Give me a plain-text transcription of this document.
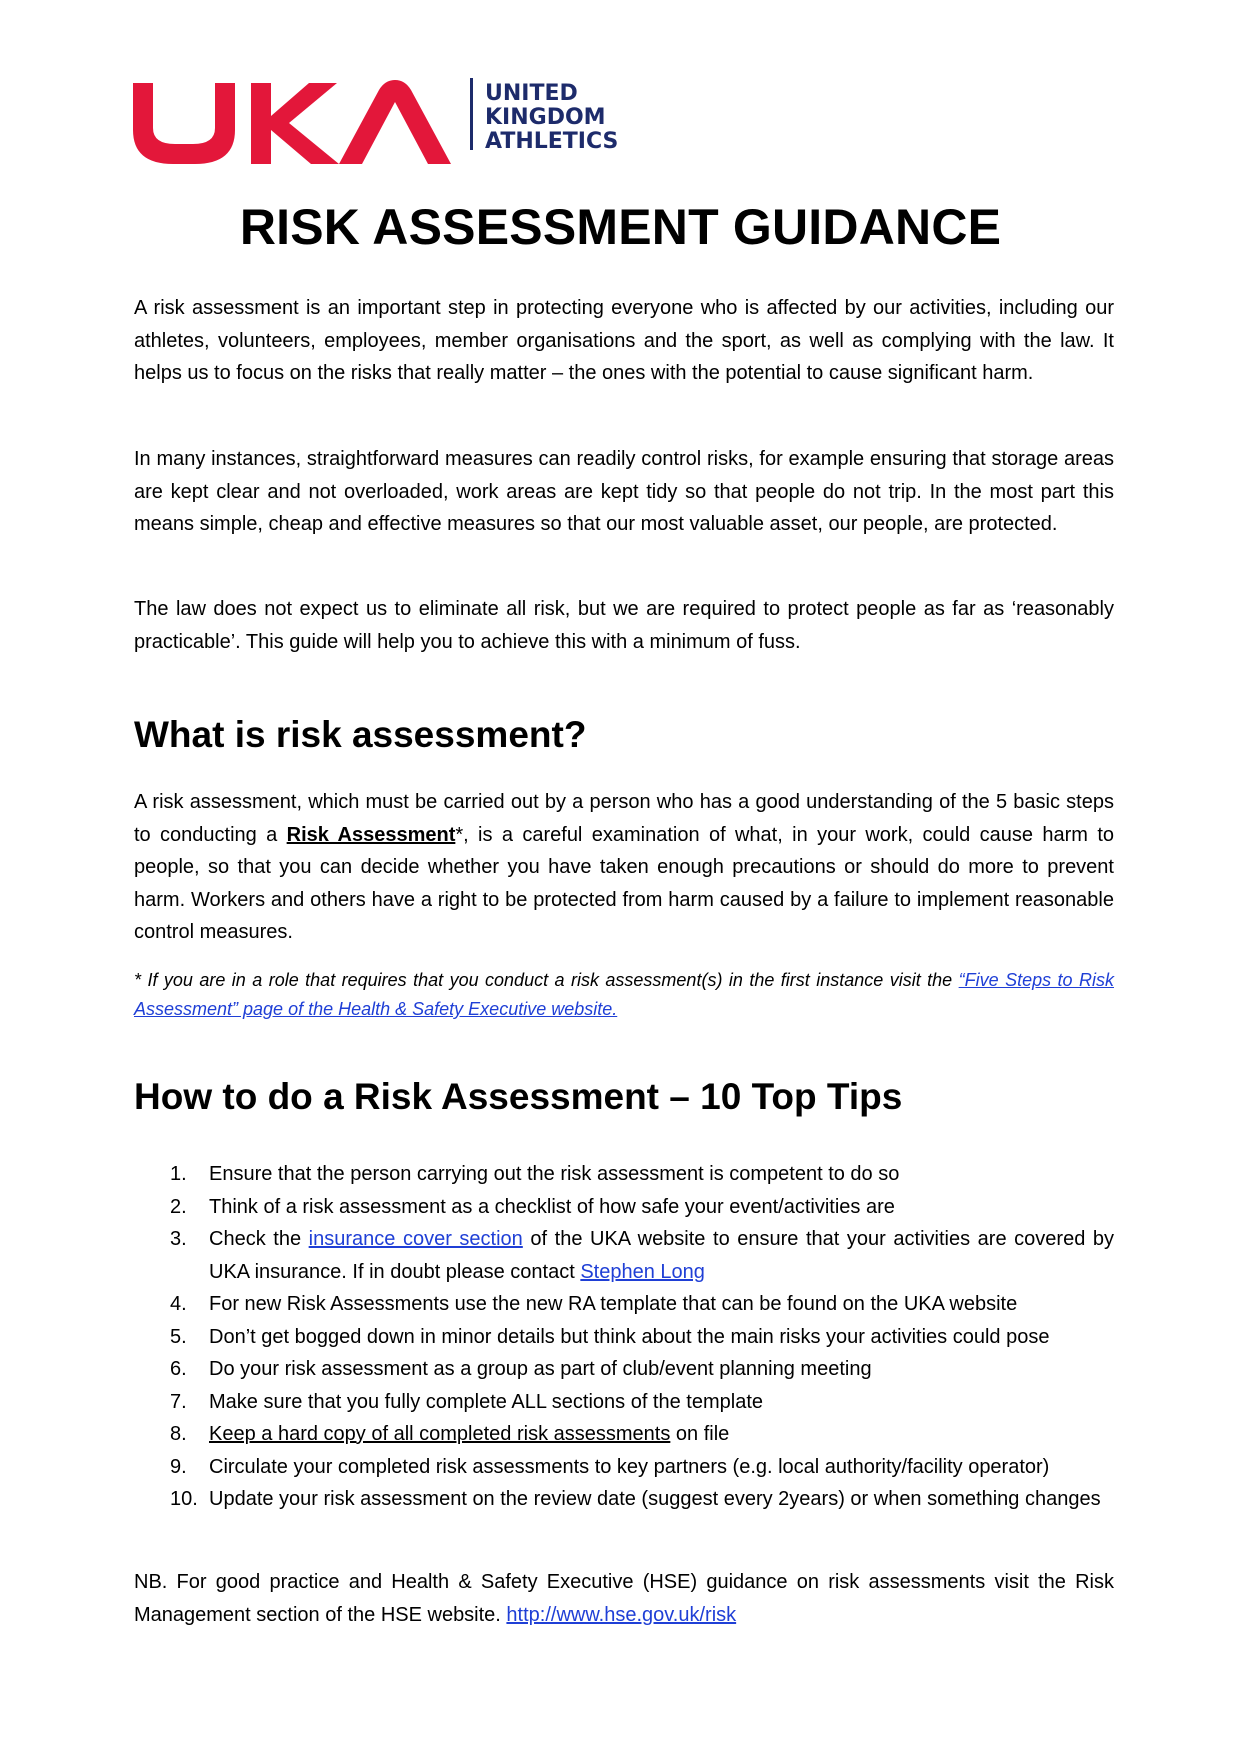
UNITED
KINGDOM
ATHLETICS
RISK ASSESSMENT GUIDANCE

A risk assessment is an important step in protecting everyone who is affected by our activities, including our athletes, volunteers, employees, member organisations and the sport, as well as complying with the law. It helps us to focus on the risks that really matter – the ones with the potential to cause significant harm.

In many instances, straightforward measures can readily control risks, for example ensuring that storage areas are kept clear and not overloaded, work areas are kept tidy so that people do not trip. In the most part this means simple, cheap and effective measures so that our most valuable asset, our people, are protected.

The law does not expect us to eliminate all risk, but we are required to protect people as far as ‘reasonably practicable’. This guide will help you to achieve this with a minimum of fuss.

What is risk assessment?

A risk assessment, which must be carried out by a person who has a good understanding of the 5 basic steps to conducting a Risk Assessment*, is a careful examination of what, in your work, could cause harm to people, so that you can decide whether you have taken enough precautions or should do more to prevent harm. Workers and others have a right to be protected from harm caused by a failure to implement reasonable control measures.

* If you are in a role that requires that you conduct a risk assessment(s) in the first instance visit the “Five Steps to Risk Assessment” page of the Health & Safety Executive website.

How to do a Risk Assessment – 10 Top Tips
1. Ensure that the person carrying out the risk assessment is competent to do so
2. Think of a risk assessment as a checklist of how safe your event/activities are
3. Check the insurance cover section of the UKA website to ensure that your activities are covered by UKA insurance. If in doubt please contact Stephen Long
4. For new Risk Assessments use the new RA template that can be found on the UKA website
5. Don’t get bogged down in minor details but think about the main risks your activities could pose
6. Do your risk assessment as a group as part of club/event planning meeting
7. Make sure that you fully complete ALL sections of the template
8. Keep a hard copy of all completed risk assessments on file
9. Circulate your completed risk assessments to key partners (e.g. local authority/facility operator)
10. Update your risk assessment on the review date (suggest every 2years) or when something changes

NB. For good practice and Health & Safety Executive (HSE) guidance on risk assessments visit the Risk Management section of the HSE website. http://www.hse.gov.uk/risk
